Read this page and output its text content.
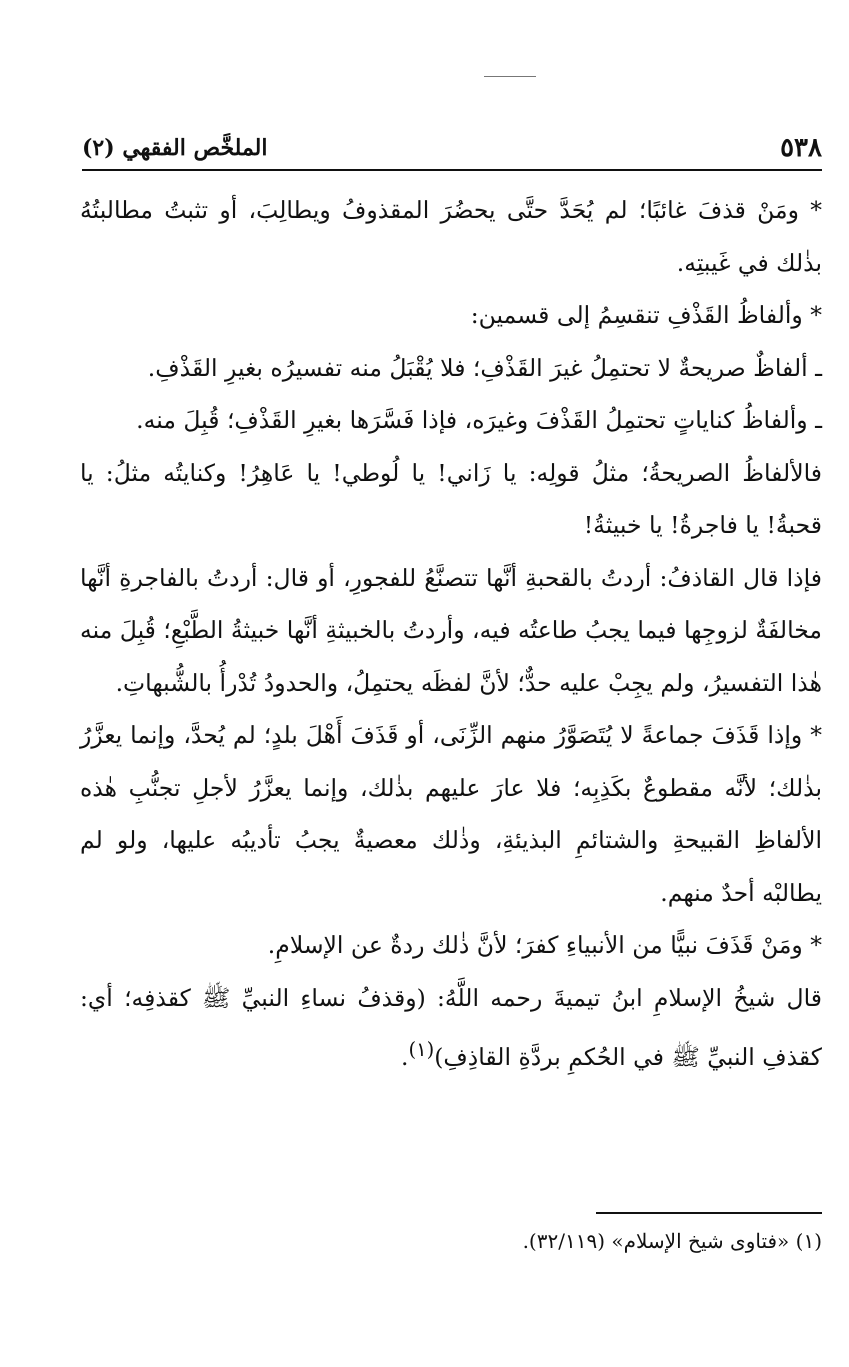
٥٣٨
الملخَّص الفقهي (٢)

* ومَنْ قذفَ غائبًا؛ لم يُحَدَّ حتَّى يحضُرَ المقذوفُ ويطالِبَ، أو تثبتُ مطالبتُهُ بذٰلك في غَيبتِه.

* وألفاظُ القَذْفِ تنقسِمُ إلى قسمين:

ـ ألفاظٌ صريحةٌ لا تحتمِلُ غيرَ القَذْفِ؛ فلا يُقْبَلُ منه تفسيرُه بغيرِ القَذْفِ.

ـ وألفاظُ كناياتٍ تحتمِلُ القَذْفَ وغيرَه، فإذا فَسَّرَها بغيرِ القَذْفِ؛ قُبِلَ منه.

فالألفاظُ الصريحةُ؛ مثلُ قولِه: يا زَاني! يا لُوطي! يا عَاهِرُ! وكنايتُه مثلُ: يا قحبةُ! يا فاجرةُ! يا خبيثةُ!

فإذا قال القاذفُ: أردتُ بالقحبةِ أنَّها تتصنَّعُ للفجورِ، أو قال: أردتُ بالفاجرةِ أنَّها مخالفَةٌ لزوجِها فيما يجبُ طاعتُه فيه، وأردتُ بالخبيثةِ أنَّها خبيثةُ الطَّبْعِ؛ قُبِلَ منه هٰذا التفسيرُ، ولم يجِبْ عليه حدٌّ؛ لأنَّ لفظَه يحتمِلُ، والحدودُ تُدْرأُ بالشُّبهاتِ.

* وإذا قَذَفَ جماعةً لا يُتَصَوَّرُ منهم الزِّنَى، أو قَذَفَ أَهْلَ بلدٍ؛ لم يُحدَّ، وإنما يعزَّرُ بذٰلك؛ لأنَّه مقطوعٌ بكَذِبِه؛ فلا عارَ عليهم بذٰلك، وإنما يعزَّرُ لأجلِ تجنُّبِ هٰذه الألفاظِ القبيحةِ والشتائمِ البذيئةِ، وذٰلك معصيةٌ يجبُ تأديبُه عليها، ولو لم يطالبْه أحدٌ منهم.

* ومَنْ قَذَفَ نبيًّا من الأنبياءِ كفرَ؛ لأنَّ ذٰلك ردةٌ عن الإسلامِ.

قال شيخُ الإسلامِ ابنُ تيميةَ رحمه اللَّهُ: (وقذفُ نساءِ النبيِّ ﷺ كقذفِه؛ أي: كقذفِ النبيِّ ﷺ في الحُكمِ بردَّةِ القاذِفِ)$^{(١)}$.

(١) «فتاوى شيخ الإسلام» (٣٢/١١٩).
